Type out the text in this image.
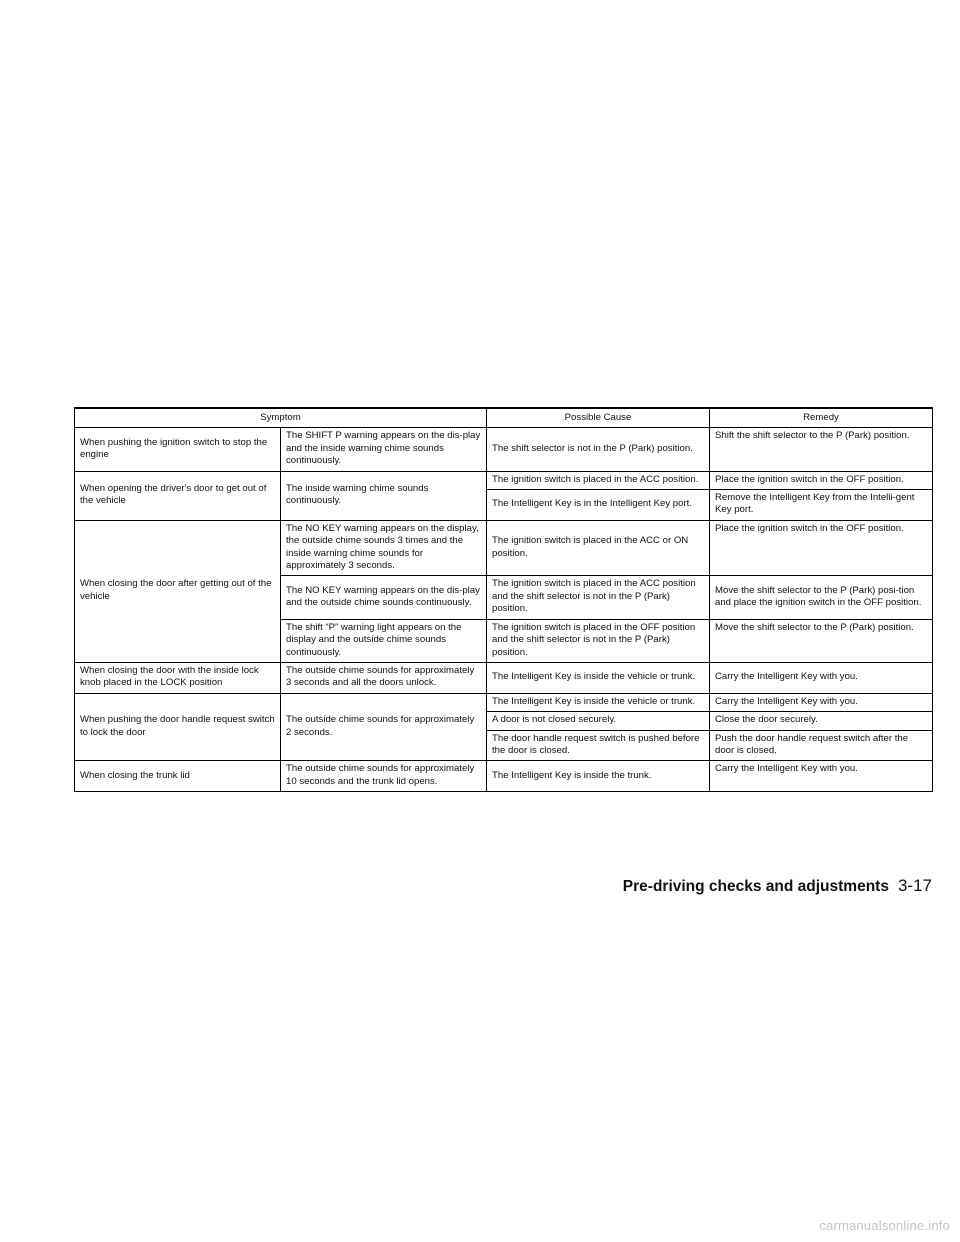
Symptom		Possible Cause	Remedy
When pushing the ignition switch to stop the engine	The SHIFT P warning appears on the dis-play and the inside warning chime sounds continuously.	The shift selector is not in the P (Park) position.	Shift the shift selector to the P (Park) position.
When opening the driver's door to get out of the vehicle	The inside warning chime sounds continuously.	The ignition switch is placed in the ACC position.	Place the ignition switch in the OFF position.
		The Intelligent Key is in the Intelligent Key port.	Remove the Intelligent Key from the Intelli-gent Key port.
When closing the door after getting out of the vehicle	The NO KEY warning appears on the display, the outside chime sounds 3 times and the inside warning chime sounds for approximately 3 seconds.	The ignition switch is placed in the ACC or ON position.	Place the ignition switch in the OFF position.
	The NO KEY warning appears on the dis-play and the outside chime sounds continuously.	The ignition switch is placed in the ACC position and the shift selector is not in the P (Park) position.	Move the shift selector to the P (Park) posi-tion and place the ignition switch in the OFF position.
	The shift “P” warning light appears on the display and the outside chime sounds continuously.	The ignition switch is placed in the OFF position and the shift selector is not in the P (Park) position.	Move the shift selector to the P (Park) position.
When closing the door with the inside lock knob placed in the LOCK position	The outside chime sounds for approximately 3 seconds and all the doors unlock.	The Intelligent Key is inside the vehicle or trunk.	Carry the Intelligent Key with you.
When pushing the door handle request switch to lock the door	The outside chime sounds for approximately 2 seconds.	The Intelligent Key is inside the vehicle or trunk.	Carry the Intelligent Key with you.
		A door is not closed securely.	Close the door securely.
		The door handle request switch is pushed before the door is closed.	Push the door handle request switch after the door is closed.
When closing the trunk lid	The outside chime sounds for approximately 10 seconds and the trunk lid opens.	The Intelligent Key is inside the trunk.	Carry the Intelligent Key with you.
Pre-driving checks and adjustments 3-17
carmanualsonline.info
